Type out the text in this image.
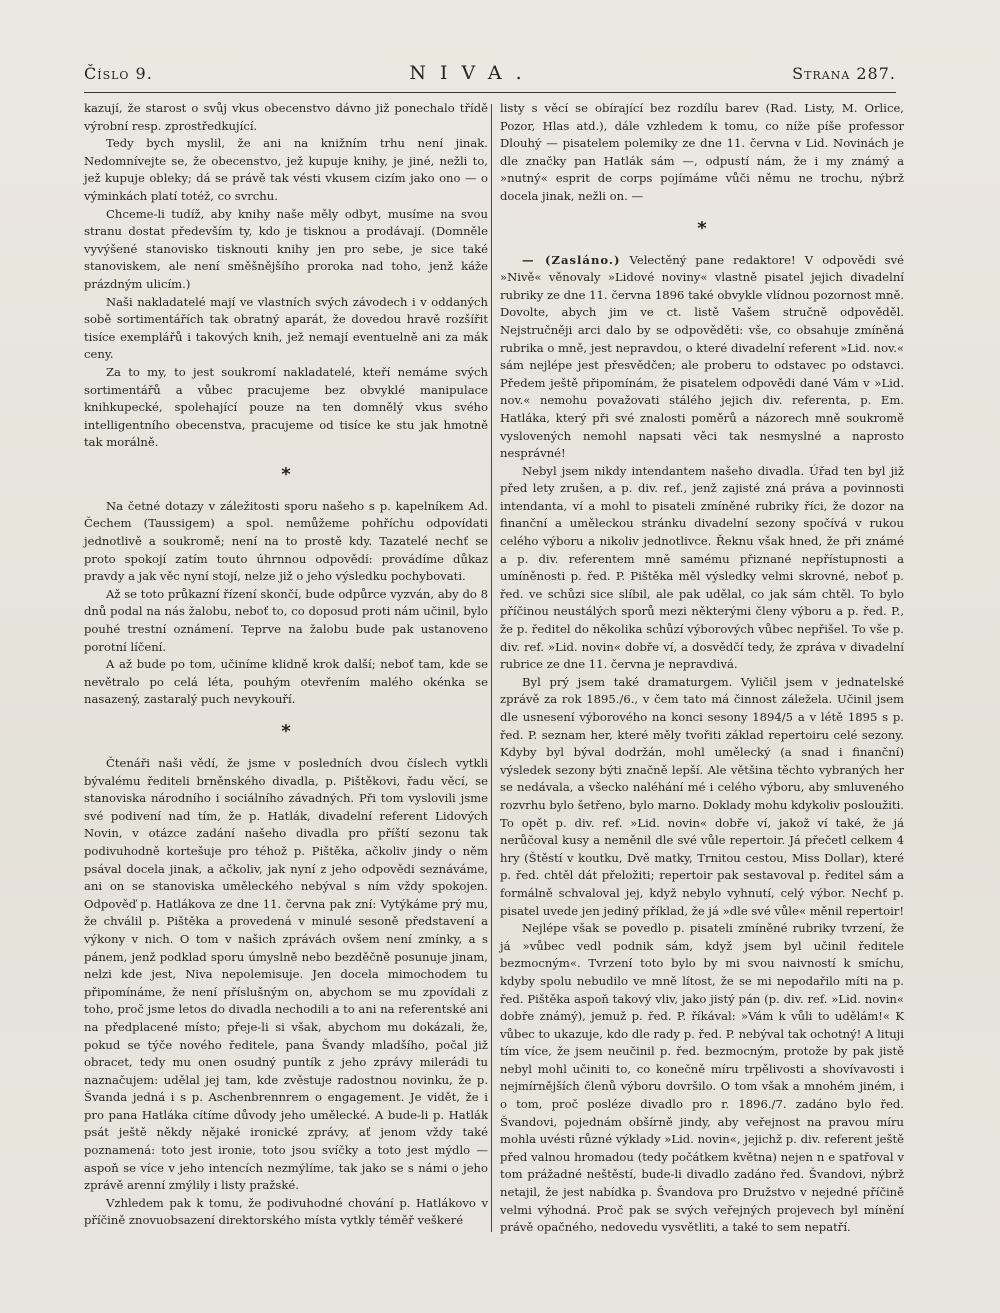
Číslo 9.	NIVA.	Strana 287.

kazují, že starost o svůj vkus obecenstvo dávno již ponechalo třídě výrobní resp. zprostředkující.

Tedy bych myslil, že ani na knižním trhu není jinak. Nedomnívejte se, že obecenstvo, jež kupuje knihy, je jiné, nežli to, jež kupuje obleky; dá se právě tak vésti vkusem cizím jako ono — o výminkách platí totéž, co svrchu.

Chceme-li tudíž, aby knihy naše měly odbyt, musíme na svou stranu dostat především ty, kdo je tisknou a prodávají. (Domněle vyvýšené stanovisko tisknouti knihy jen pro sebe, je sice také stanoviskem, ale není směšnějšího proroka nad toho, jenž káže prázdným ulicím.)

Naši nakladatelé mají ve vlastních svých závodech i v oddaných sobě sortimentářích tak obratný aparát, že dovedou hravě rozšířit tisíce exemplářů i takových knih, jež nemají eventuelně ani za mák ceny.

Za to my, to jest soukromí nakladatelé, kteří nemáme svých sortimentářů a vůbec pracujeme bez obvyklé manipulace knihkupecké, spolehající pouze na ten domnělý vkus svého intelligentního obecenstva, pracujeme od tisíce ke stu jak hmotně tak morálně.

*

Na četné dotazy v záležitosti sporu našeho s p. kapelníkem Ad. Čechem (Taussigem) a spol. nemůžeme pohříchu odpovídati jednotlivě a soukromě; není na to prostě kdy. Tazatelé nechť se proto spokojí zatím touto úhrnnou odpovědí: provádíme důkaz pravdy a jak věc nyní stojí, nelze již o jeho výsledku pochybovati.

Až se toto průkazní řízení skončí, bude odpůrce vyzván, aby do 8 dnů podal na nás žalobu, neboť to, co doposud proti nám učinil, bylo pouhé trestní oznámení. Teprve na žalobu bude pak ustanoveno porotní líčení.

A až bude po tom, učiníme klidně krok další; neboť tam, kde se nevětralo po celá léta, pouhým otevřením malého okénka se nasazený, zastaralý puch nevykouří.

*

Čtenáři naši vědí, že jsme v posledních dvou číslech vytkli bývalému řediteli brněnského divadla, p. Pištěkovi, řadu věcí, se stanoviska národního i sociálního závadných. Při tom vyslovili jsme své podivení nad tím, že p. Hatlák, divadelní referent Lidových Novin, v otázce zadání našeho divadla pro příští sezonu tak podivuhodně kortešuje pro téhož p. Pištěka, ačkoliv jindy o něm psával docela jinak, a ačkoliv, jak nyní z jeho odpovědi seznáváme, ani on se stanoviska uměleckého nebýval s ním vždy spokojen. Odpověď p. Hatlákova ze dne 11. června pak zní: Vytýkáme prý mu, že chválil p. Pištěka a provedená v minulé sesoně představení a výkony v nich. O tom v našich zprávách ovšem není zmínky, a s pánem, jenž podklad sporu úmyslně nebo bezděčně posunuje jinam, nelzi kde jest, Niva nepolemisuje. Jen docela mimochodem tu připomínáme, že není příslušným on, abychom se mu zpovídali z toho, proč jsme letos do divadla nechodili a to ani na referentské ani na předplacené místo; přeje-li si však, abychom mu dokázali, že, pokud se týče nového ředitele, pana Švandy mladšího, počal již obracet, tedy mu onen osudný puntík z jeho zprávy milerádi tu naznačujem: udělal jej tam, kde zvěstuje radostnou novinku, že p. Švanda jedná i s p. Aschenbrennrem o engagement. Je vidět, že i pro pana Hatláka cítíme důvody jeho umělecké. A bude-li p. Hatlák psát ještě někdy nějaké ironické zprávy, ať jenom vždy také poznamená: toto jest ironie, toto jsou svíčky a toto jest mýdlo — aspoň se více v jeho intencích nezmýlíme, tak jako se s námi o jeho zprávě arenní zmýlily i listy pražské.

Vzhledem pak k tomu, že podivuhodné chování p. Hatlákovo v příčině znovuobsazení direktorského místa vytkly téměř veškeré

listy s věcí se obírající bez rozdílu barev (Rad. Listy, M. Orlice, Pozor, Hlas atd.), dále vzhledem k tomu, co níže píše professor Dlouhý — pisatelem polemiky ze dne 11. června v Lid. Novinách je dle značky pan Hatlák sám —, odpustí nám, že i my známý a »nutný« esprit de corps pojímáme vůči němu ne trochu, nýbrž docela jinak, nežli on. —

*

— (Zasláno.) Velectěný pane redaktore! V odpovědi své »Nivě« věnovaly »Lidové noviny« vlastně pisatel jejich divadelní rubriky ze dne 11. června 1896 také obvykle vlídnou pozornost mně. Dovolte, abych jim ve ct. listě Vašem stručně odpověděl. Nejstručněji arci dalo by se odpověděti: vše, co obsahuje zmíněná rubrika o mně, jest nepravdou, o které divadelní referent »Lid. nov.« sám nejlépe jest přesvědčen; ale proberu to odstavec po odstavci. Předem ještě připomínám, že pisatelem odpovědi dané Vám v »Lid. nov.« nemohu považovati stálého jejich div. referenta, p. Em. Hatláka, který při své znalosti poměrů a názorech mně soukromě vyslovených nemohl napsati věci tak nesmyslné a naprosto nesprávné!

Nebyl jsem nikdy intendantem našeho divadla. Úřad ten byl již před lety zrušen, a p. div. ref., jenž zajisté zná práva a povinnosti intendanta, ví a mohl to pisateli zmíněné rubriky říci, že dozor na finanční a uměleckou stránku divadelní sezony spočívá v rukou celého výboru a nikoliv jednotlivce. Řeknu však hned, že při známé a p. div. referentem mně samému přiznané nepřístupnosti a umíněnosti p. řed. P. Pištěka měl výsledky velmi skrovné, neboť p. řed. ve schůzi sice slíbil, ale pak udělal, co jak sám chtěl. To bylo příčinou neustálých sporů mezi některými členy výboru a p. řed. P., že p. ředitel do několika schůzí výborových vůbec nepřišel. To vše p. div. ref. »Lid. novin« dobře ví, a dosvědčí tedy, že zpráva v divadelní rubrice ze dne 11. června je nepravdivá.

Byl prý jsem také dramaturgem. Vyličil jsem v jednatelské zprávě za rok 1895./6., v čem tato má činnost záležela. Učinil jsem dle usnesení výborového na konci sesony 1894/5 a v létě 1895 s p. řed. P. seznam her, které měly tvořiti základ repertoiru celé sezony. Kdyby byl býval dodržán, mohl umělecký (a snad i finanční) výsledek sezony býti značně lepší. Ale většina těchto vybraných her se nedávala, a všecko naléhání mé i celého výboru, aby smluveného rozvrhu bylo šetřeno, bylo marno. Doklady mohu kdykoliv posloužiti. To opět p. div. ref. »Lid. novin« dobře ví, jakož ví také, že já nerůčoval kusy a neměnil dle své vůle repertoir. Já přečetl celkem 4 hry (Štěstí v koutku, Dvě matky, Trnitou cestou, Miss Dollar), které p. řed. chtěl dát přeložiti; repertoir pak sestavoval p. ředitel sám a formálně schvaloval jej, když nebylo vyhnutí, celý výbor. Nechť p. pisatel uvede jen jediný příklad, že já »dle své vůle« měnil repertoir!

Nejlépe však se povedlo p. pisateli zmíněné rubriky tvrzení, že já »vůbec vedl podnik sám, když jsem byl učinil ředitele bezmocným«. Tvrzení toto bylo by mi svou naivností k smíchu, kdyby spolu nebudilo ve mně lítost, že se mi nepodařilo míti na p. řed. Pištěka aspoň takový vliv, jako jistý pán (p. div. ref. »Lid. novin« dobře známý), jemuž p. řed. P. říkával: »Vám k vůli to udělám!« K vůbec to ukazuje, kdo dle rady p. řed. P. nebýval tak ochotný! A lituji tím více, že jsem neučinil p. řed. bezmocným, protože by pak jistě nebyl mohl učiniti to, co konečně míru trpělivosti a shovívavosti i nejmírnějších členů výboru dovršilo. O tom však a mnohém jiném, i o tom, proč posléze divadlo pro r. 1896./7. zadáno bylo řed. Švandovi, pojednám obšírně jindy, aby veřejnost na pravou míru mohla uvésti různé výklady »Lid. novin«, jejichž p. div. referent ještě před valnou hromadou (tedy počátkem května) nejen n e spatřoval v tom prážadné neštěstí, bude-li divadlo zadáno řed. Švandovi, nýbrž netajil, že jest nabídka p. Švandova pro Družstvo v nejedné příčině velmi výhodná. Proč pak se svých veřejných projevech byl mínění právě opačného, nedovedu vysvětliti, a také to sem nepatří.
